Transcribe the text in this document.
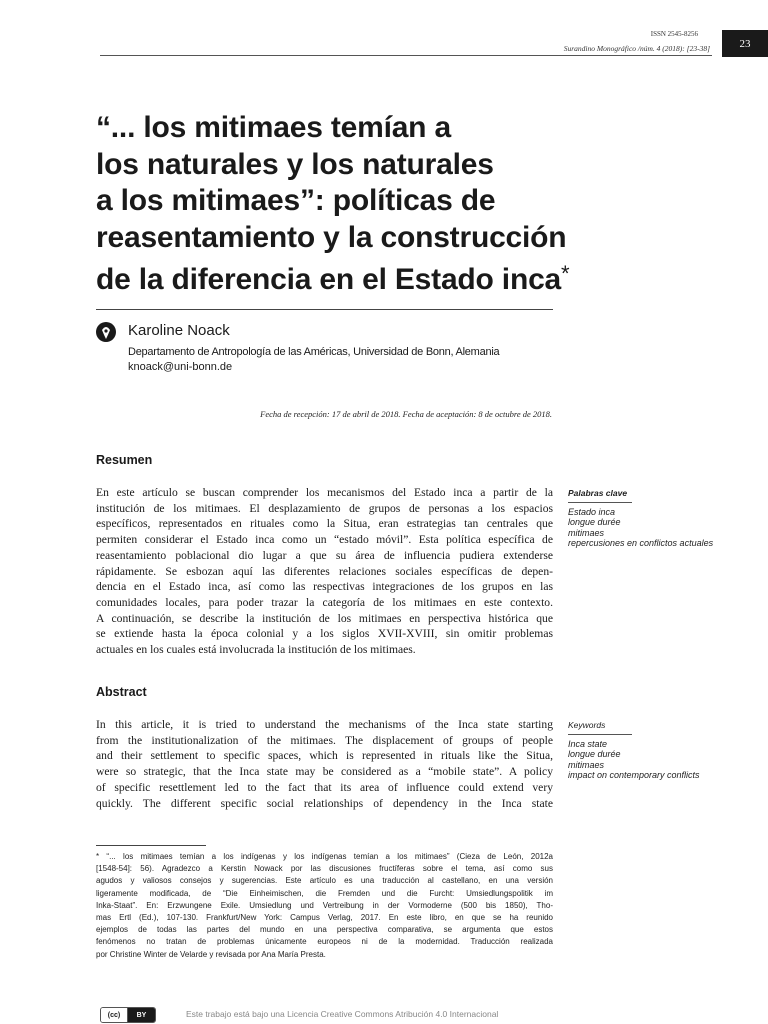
ISSN 2545-8256
Surandino Monográfico /núm. 4 (2018): [23-38]	23
“... los mitimaes temían a
los naturales y los naturales
a los mitimaes”: políticas de
reasentamiento y la construcción
de la diferencia en el Estado inca*
Karoline Noack
Departamento de Antropología de las Américas, Universidad de Bonn, Alemania
knoack@uni-bonn.de
Fecha de recepción: 17 de abril de 2018. Fecha de aceptación: 8 de octubre de 2018.
Resumen
En este artículo se buscan comprender los mecanismos del Estado inca a partir de la
institución de los mitimaes. El desplazamiento de grupos de personas a los espacios
específicos, representados en rituales como la Situa, eran estrategias tan centrales que
permiten considerar el Estado inca como un “estado móvil”. Esta política específica de
reasentamiento poblacional dio lugar a que su área de influencia pudiera extenderse
rápidamente. Se esbozan aquí las diferentes relaciones sociales específicas de depen-
dencia en el Estado inca, así como las respectivas integraciones de los grupos en las
comunidades locales, para poder trazar la categoría de los mitimaes en este contexto.
A continuación, se describe la institución de los mitimaes en perspectiva histórica que
se extiende hasta la época colonial y a los siglos XVII-XVIII, sin omitir problemas
actuales en los cuales está involucrada la institución de los mitimaes.
Palabras clave
Estado inca
longue durée
mitimaes
repercusiones en conflictos actuales
Abstract
In this article, it is tried to understand the mechanisms of the Inca state starting
from the institutionalization of the mitimaes. The displacement of groups of people
and their settlement to specific spaces, which is represented in rituals like the Situa,
were so strategic, that the Inca state may be considered as a “mobile state”. A policy
of specific resettlement led to the fact that its area of influence could extend very
quickly. The different specific social relationships of dependency in the Inca state
Keywords
Inca state
longue durée
mitimaes
impact on contemporary conflicts
* “... los mitimaes temían a los indígenas y los indígenas temían a los mitimaes” (Cieza de León, 2012a
[1548-54]: 56). Agradezco a Kerstin Nowack por las discusiones fructíferas sobre el tema, así como sus
agudos y valiosos consejos y sugerencias. Este artículo es una traducción al castellano, en una versión
ligeramente modificada, de “Die Einheimischen, die Fremden und die Furcht: Umsiedlungspolitik im
Inka-Staat”. En: Erzwungene Exile. Umsiedlung und Vertreibung in der Vormoderne (500 bis 1850), Tho-
mas Ertl (Ed.), 107-130. Frankfurt/New York: Campus Verlag, 2017. En este libro, en que se ha reunido
ejemplos de todas las partes del mundo en una perspectiva comparativa, se argumenta que estos
fenómenos no tratan de problemas únicamente europeos ni de la modernidad. Traducción realizada
por Christine Winter de Velarde y revisada por Ana María Presta.
(cc)	BY	Este trabajo está bajo una Licencia Creative Commons Atribución 4.0 Internacional
